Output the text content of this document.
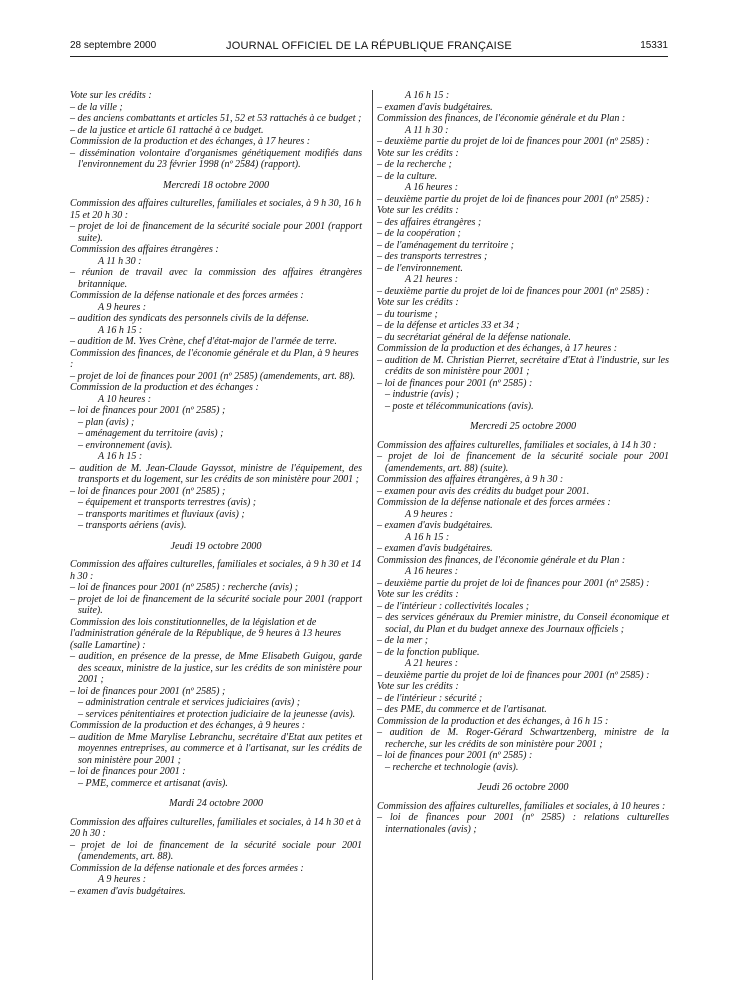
28 septembre 2000	JOURNAL OFFICIEL DE LA RÉPUBLIQUE FRANÇAISE	15331
Vote sur les crédits :
– de la ville ;
– des anciens combattants et articles 51, 52 et 53 rattachés à ce budget ;
– de la justice et article 61 rattaché à ce budget.
Commission de la production et des échanges, à 17 heures :
– dissémination volontaire d'organismes génétiquement modifiés dans l'environnement du 23 février 1998 (nº 2584) (rapport).
Mercredi 18 octobre 2000
Commission des affaires culturelles, familiales et sociales, à 9 h 30, 16 h 15 et 20 h 30 :
– projet de loi de financement de la sécurité sociale pour 2001 (rapport suite).
Commission des affaires étrangères :
A 11 h 30 :
– réunion de travail avec la commission des affaires étrangères britannique.
Commission de la défense nationale et des forces armées :
A 9 heures :
– audition des syndicats des personnels civils de la défense.
A 16 h 15 :
– audition de M. Yves Crène, chef d'état-major de l'armée de terre.
Commission des finances, de l'économie générale et du Plan, à 9 heures :
– projet de loi de finances pour 2001 (nº 2585) (amendements, art. 88).
Commission de la production et des échanges :
A 10 heures :
– loi de finances pour 2001 (nº 2585) ;
– plan (avis) ;
– aménagement du territoire (avis) ;
– environnement (avis).
A 16 h 15 :
– audition de M. Jean-Claude Gayssot, ministre de l'équipement, des transports et du logement, sur les crédits de son ministère pour 2001 ;
– loi de finances pour 2001 (nº 2585) ;
– équipement et transports terrestres (avis) ;
– transports maritimes et fluviaux (avis) ;
– transports aériens (avis).
Jeudi 19 octobre 2000
Commission des affaires culturelles, familiales et sociales, à 9 h 30 et 14 h 30 :
– loi de finances pour 2001 (nº 2585) : recherche (avis) ;
– projet de loi de financement de la sécurité sociale pour 2001 (rapport suite).
Commission des lois constitutionnelles, de la législation et de l'administration générale de la République, de 9 heures à 13 heures (salle Lamartine) :
– audition, en présence de la presse, de Mme Elisabeth Guigou, garde des sceaux, ministre de la justice, sur les crédits de son ministère pour 2001 ;
– loi de finances pour 2001 (nº 2585) ;
– administration centrale et services judiciaires (avis) ;
– services pénitentiaires et protection judiciaire de la jeunesse (avis).
Commission de la production et des échanges, à 9 heures :
– audition de Mme Marylise Lebranchu, secrétaire d'Etat aux petites et moyennes entreprises, au commerce et à l'artisanat, sur les crédits de son ministère pour 2001 ;
– loi de finances pour 2001 :
– PME, commerce et artisanat (avis).
Mardi 24 octobre 2000
Commission des affaires culturelles, familiales et sociales, à 14 h 30 et à 20 h 30 :
– projet de loi de financement de la sécurité sociale pour 2001 (amendements, art. 88).
Commission de la défense nationale et des forces armées :
A 9 heures :
– examen d'avis budgétaires.
A 16 h 15 :
– examen d'avis budgétaires.
Commission des finances, de l'économie générale et du Plan :
A 11 h 30 :
– deuxième partie du projet de loi de finances pour 2001 (nº 2585) :
Vote sur les crédits :
– de la recherche ;
– de la culture.
A 16 heures :
– deuxième partie du projet de loi de finances pour 2001 (nº 2585) :
Vote sur les crédits :
– des affaires étrangères ;
– de la coopération ;
– de l'aménagement du territoire ;
– des transports terrestres ;
– de l'environnement.
A 21 heures :
– deuxième partie du projet de loi de finances pour 2001 (nº 2585) :
Vote sur les crédits :
– du tourisme ;
– de la défense et articles 33 et 34 ;
– du secrétariat général de la défense nationale.
Commission de la production et des échanges, à 17 heures :
– audition de M. Christian Pierret, secrétaire d'Etat à l'industrie, sur les crédits de son ministère pour 2001 ;
– loi de finances pour 2001 (nº 2585) :
– industrie (avis) ;
– poste et télécommunications (avis).
Mercredi 25 octobre 2000
Commission des affaires culturelles, familiales et sociales, à 14 h 30 :
– projet de loi de financement de la sécurité sociale pour 2001 (amendements, art. 88) (suite).
Commission des affaires étrangères, à 9 h 30 :
– examen pour avis des crédits du budget pour 2001.
Commission de la défense nationale et des forces armées :
A 9 heures :
– examen d'avis budgétaires.
A 16 h 15 :
– examen d'avis budgétaires.
Commission des finances, de l'économie générale et du Plan :
A 16 heures :
– deuxième partie du projet de loi de finances pour 2001 (nº 2585) :
Vote sur les crédits :
– de l'intérieur : collectivités locales ;
– des services généraux du Premier ministre, du Conseil économique et social, du Plan et du budget annexe des Journaux officiels ;
– de la mer ;
– de la fonction publique.
A 21 heures :
– deuxième partie du projet de loi de finances pour 2001 (nº 2585) :
Vote sur les crédits :
– de l'intérieur : sécurité ;
– des PME, du commerce et de l'artisanat.
Commission de la production et des échanges, à 16 h 15 :
– audition de M. Roger-Gérard Schwartzenberg, ministre de la recherche, sur les crédits de son ministère pour 2001 ;
– loi de finances pour 2001 (nº 2585) :
– recherche et technologie (avis).
Jeudi 26 octobre 2000
Commission des affaires culturelles, familiales et sociales, à 10 heures :
– loi de finances pour 2001 (nº 2585) : relations culturelles internationales (avis) ;
